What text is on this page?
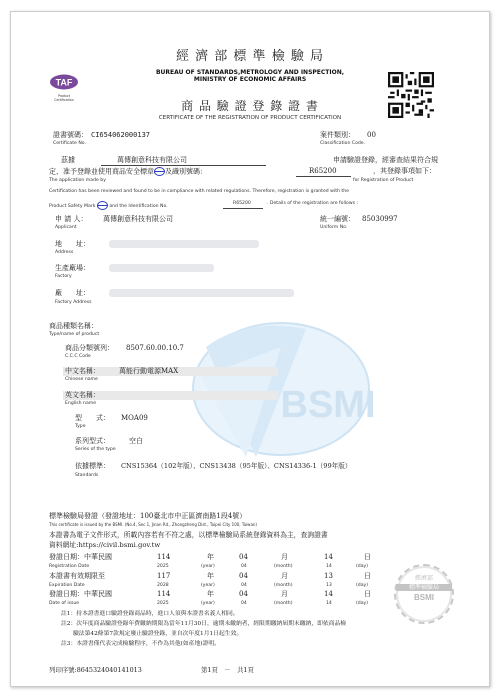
BSMI
TAF
Product Certification
經 濟 部 標 準 檢 驗 局
BUREAU OF STANDARDS,METROLOGY AND INSPECTION,
MINISTRY OF ECONOMIC AFFAIRS
商 品 驗 證 登 錄 證 書
CERTIFICATE OF THE REGISTRATION OF PRODUCT CERTIFICATION
證書號碼： CI654062000137
Certificate No.
案件類別： 00
Classification Code.
茲據	萬傳創意科技有限公司	申請驗證登錄，經審查結果符合規
定，准予登錄並使用商品安全標章 及識別號碼：	R65200	，其登錄事項如下：
The application made by	for Registration of Product
Certification has been reviewed and found to be in compliance with related regulations. Therefore, registration is granted with the
Product Safety Mark	and the Identification No.
R65200	. Details of the registration are follows :
申 請 人： 萬傳創意科技有限公司
Applicant
統一編號： 85030997
Uniform No.
地　　址：
Address
生產廠場：
Factory
廠　　址：
Factory Address
商品種類名稱：
Type/name of product
商品分類號列： 8507.60.00.10.7
C.C.C Code
中文名稱：	萬能行動電源MAX
Chinese name
英文名稱：
English name
型　　式： MOA09
Type
系列型式：	空白
Series of the type
依據標準： CNS15364（102年版）、CNS13438（95年版）、CNS14336-1（99年版）
Standards
標準檢驗局發證（發證地址：100臺北市中正區濟南路1段4號）
This certificate is issued by the BSMI. (No.4, Sec.1, Jinan Rd., Zhongzheng Dist., Taipei City 100, Taiwan)
本證書為電子文件形式，所載內容若有不符之處，以標準檢驗局系統登錄資料為主，查詢證書
資料網址:https://civil.bsmi.gov.tw
發證日期：中華民國	114	年	04	月	14	日
Registration Date	2025	(year)	04	(month)	14	(day)
本證書有效期限至	117	年	04	月	13	日
Expiration Date	2028	(year)	04	(month)	13	(day)
發證日期：中華民國	114	年	04	月	14	日
Date of issue	2025	(year)	04	(month)	14	(day)
經濟部
標準檢驗局
BSMI
註1：持本證書進口驗證登錄商品時，進口人須與本證書名義人相同。
註2：次年度商品驗證登錄年費繳納期限為當年11月30日，逾期未繳納者，經限期繳納屆期未繳納，即依商品檢
驗法第42條第7款規定廢止驗證登錄，並自次年度1月1日起生效。
註3：本證書僅代表完成檢驗程序，不作為其他(如產地)證明。
列印序號:8645324040141013	第1頁　－　共1頁
